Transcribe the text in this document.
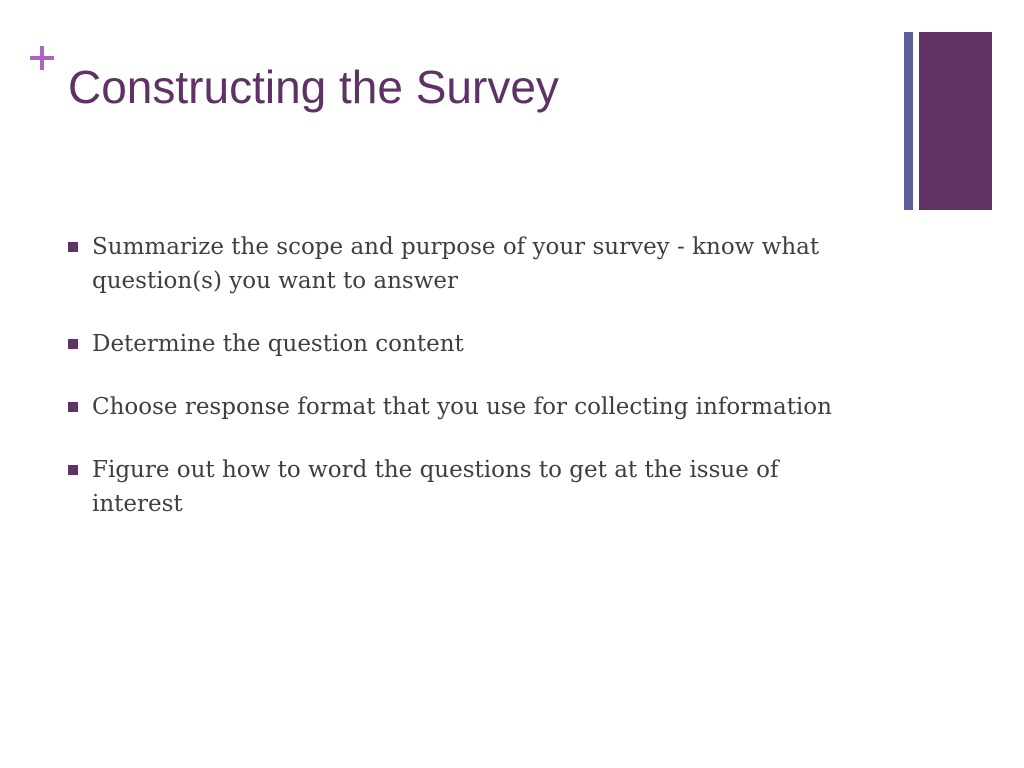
Constructing the Survey
Summarize the scope and purpose of your survey - know what question(s) you want to answer
Determine the question content
Choose response format that you use for collecting information
Figure out how to word the questions to get at the issue of interest
